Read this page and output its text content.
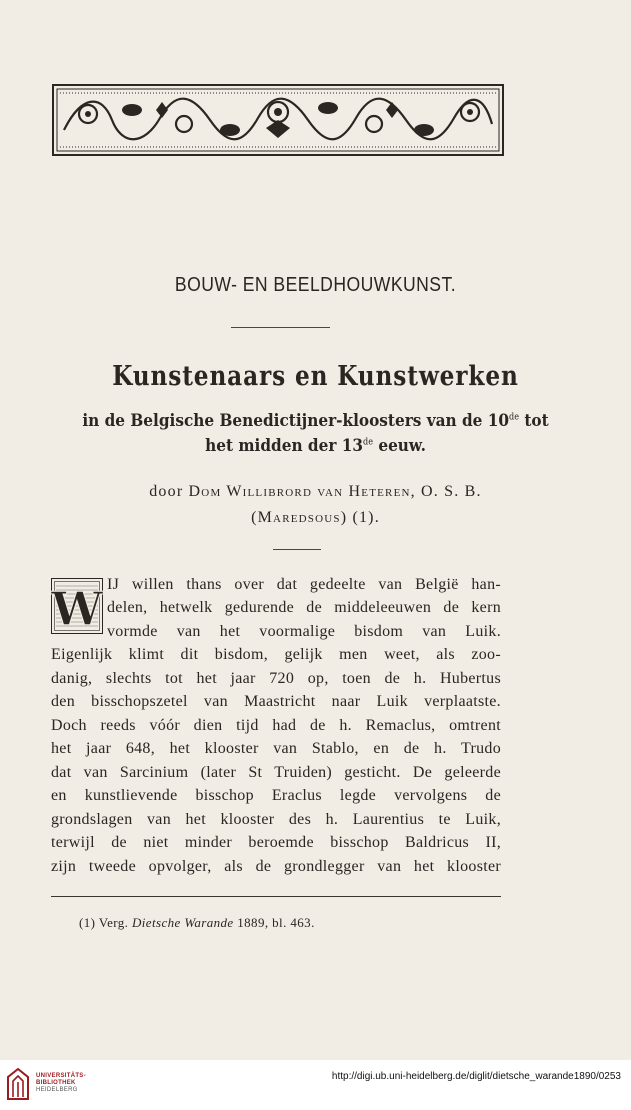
BOUW- EN BEELDHOUWKUNST.
Kunstenaars en Kunstwerken
in de Belgische Benedictijner-kloosters van de 10de tot
het midden der 13de eeuw.
door Dom Willibrord van Heteren, O. S. B.
(Maredsous) (1).
W IJ willen thans over dat gedeelte van België han-
delen, hetwelk gedurende de middeleeuwen de kern
vormde van het voormalige bisdom van Luik.
Eigenlijk klimt dit bisdom, gelijk men weet, als zoo-
danig, slechts tot het jaar 720 op, toen de h. Hubertus
den bisschopszetel van Maastricht naar Luik verplaatste.
Doch reeds vóór dien tijd had de h. Remaclus, omtrent
het jaar 648, het klooster van Stablo, en de h. Trudo
dat van Sarcinium (later St Truiden) gesticht. De geleerde
en kunstlievende bisschop Eraclus legde vervolgens de
grondslagen van het klooster des h. Laurentius te Luik,
terwijl de niet minder beroemde bisschop Baldricus II,
zijn tweede opvolger, als de grondlegger van het klooster
(1) Verg. Dietsche Warande 1889, bl. 463.
UNIVERSITÄTS-
BIBLIOTHEK
HEIDELBERG
http://digi.ub.uni-heidelberg.de/diglit/dietsche_warande1890/0253
